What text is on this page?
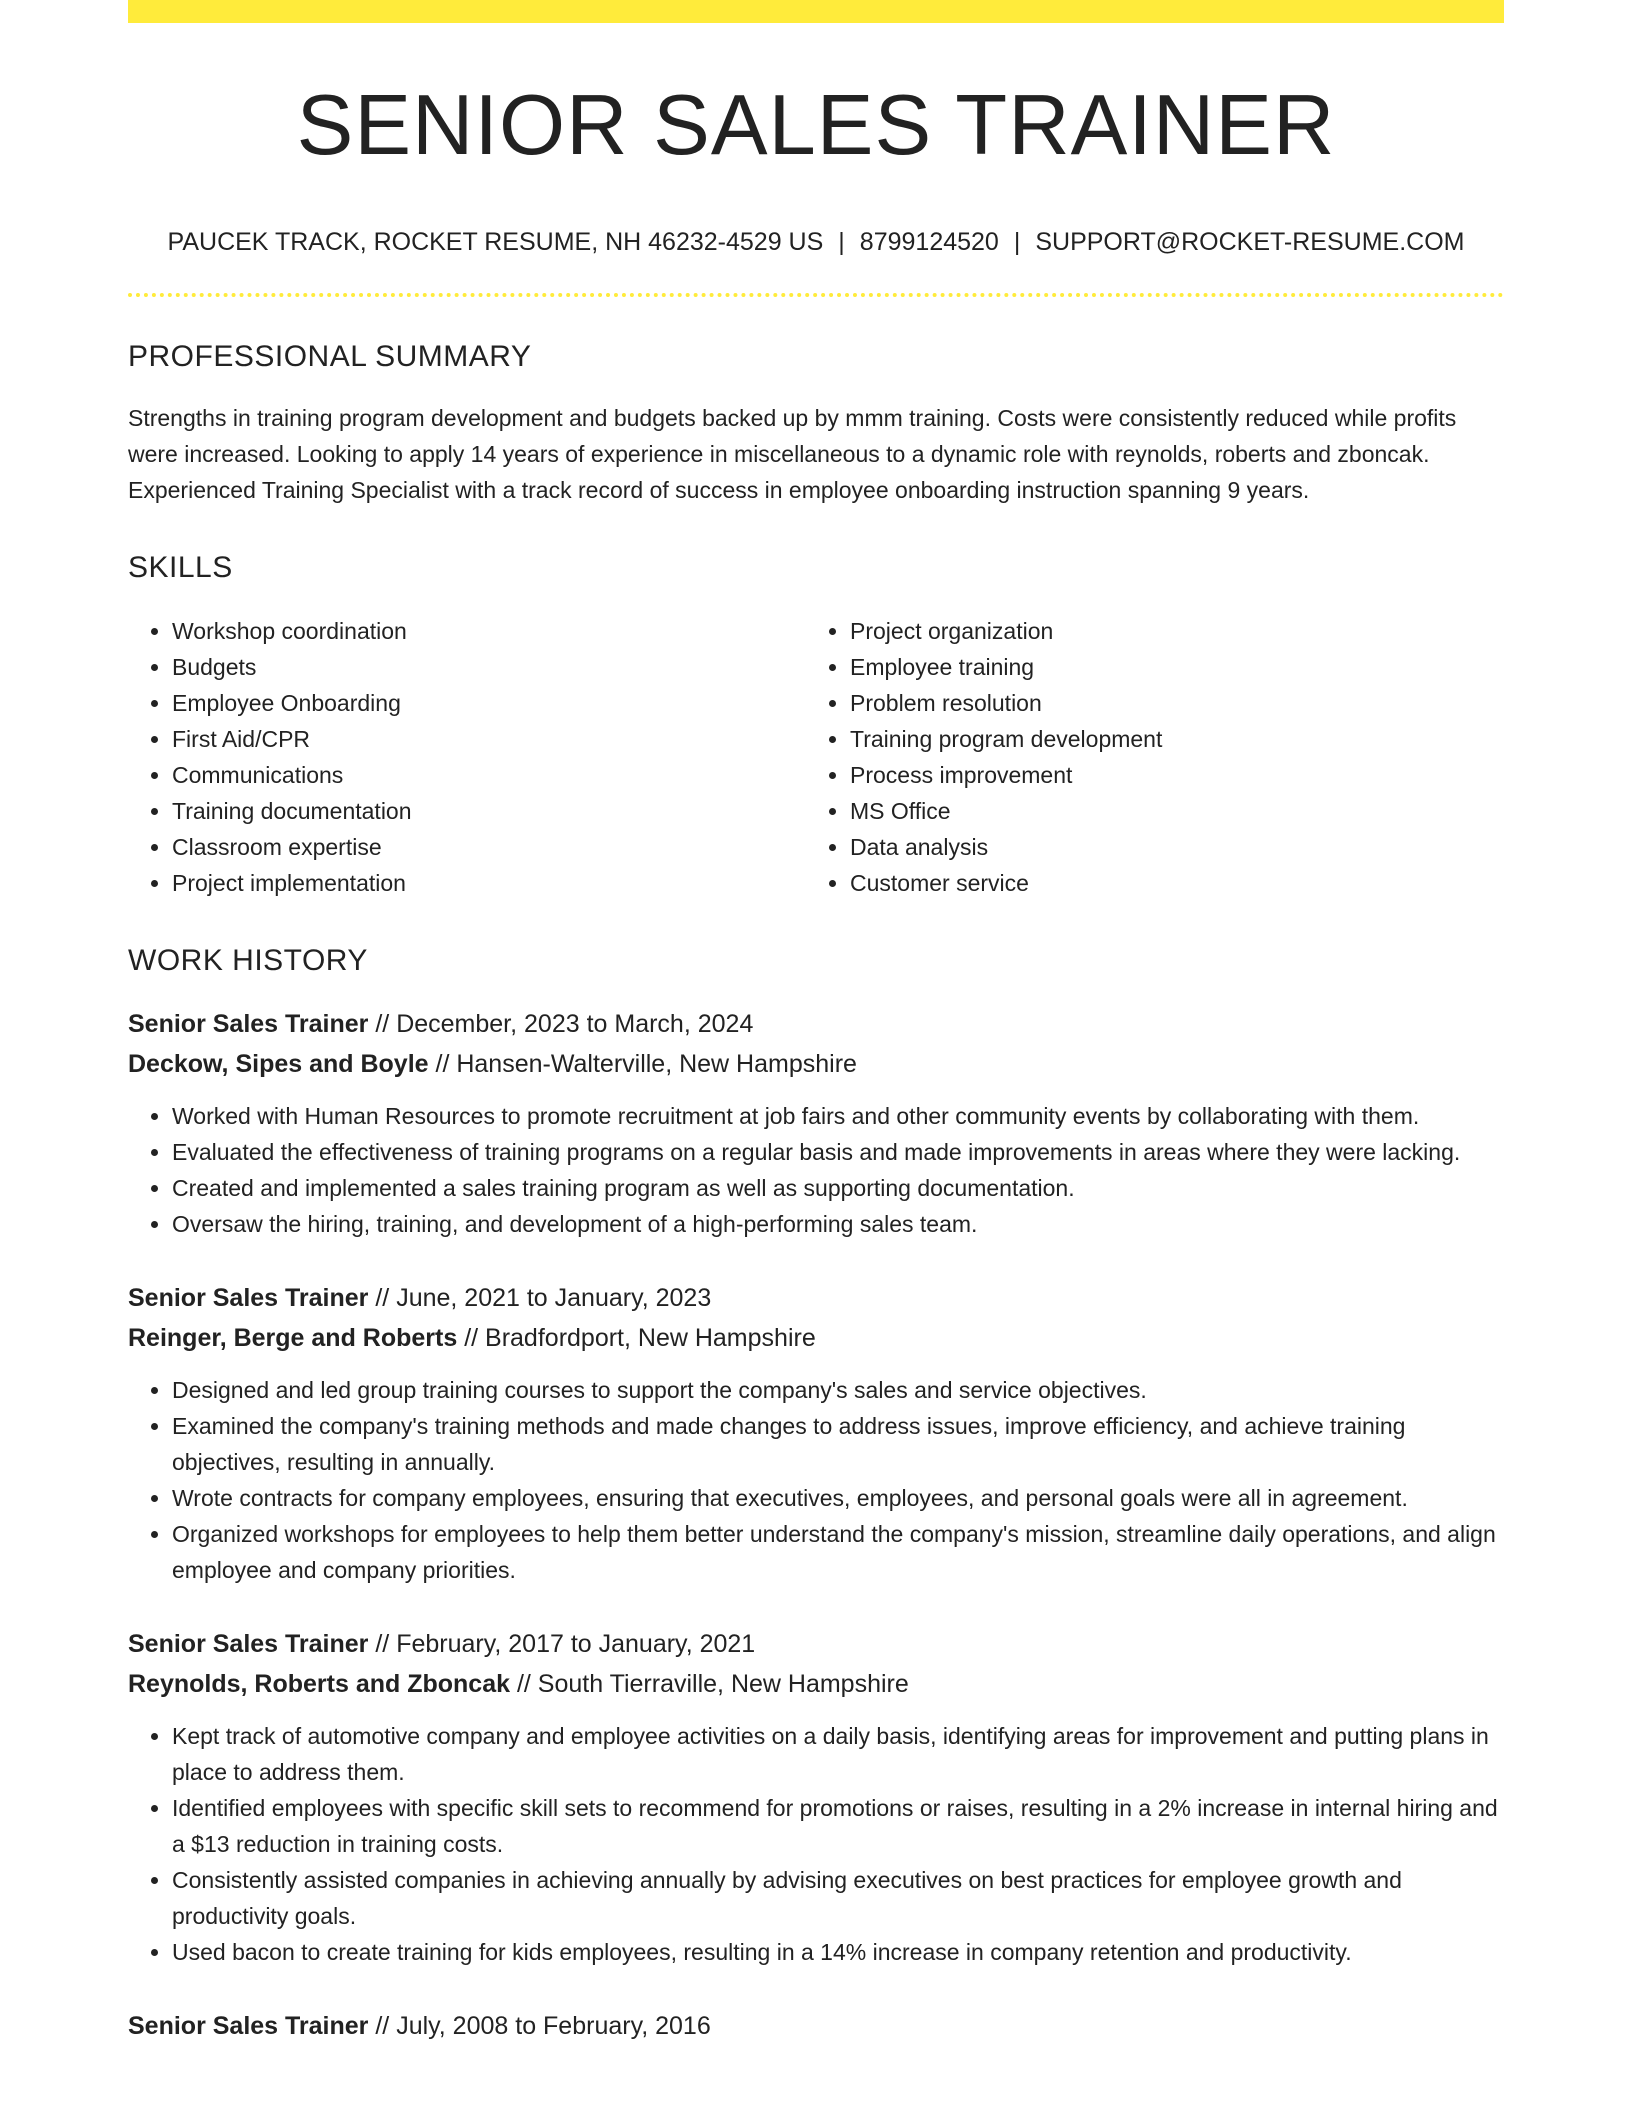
SENIOR SALES TRAINER
PAUCEK TRACK, ROCKET RESUME, NH 46232-4529 US | 8799124520 | SUPPORT@ROCKET-RESUME.COM
PROFESSIONAL SUMMARY

Strengths in training program development and budgets backed up by mmm training. Costs were consistently reduced while profits were increased. Looking to apply 14 years of experience in miscellaneous to a dynamic role with reynolds, roberts and zboncak. Experienced Training Specialist with a track record of success in employee onboarding instruction spanning 9 years.

SKILLS
• Workshop coordination
• Budgets
• Employee Onboarding
• First Aid/CPR
• Communications
• Training documentation
• Classroom expertise
• Project implementation
• Project organization
• Employee training
• Problem resolution
• Training program development
• Process improvement
• MS Office
• Data analysis
• Customer service
WORK HISTORY
Senior Sales Trainer // December, 2023 to March, 2024
Deckow, Sipes and Boyle // Hansen-Walterville, New Hampshire
• Worked with Human Resources to promote recruitment at job fairs and other community events by collaborating with them.
• Evaluated the effectiveness of training programs on a regular basis and made improvements in areas where they were lacking.
• Created and implemented a sales training program as well as supporting documentation.
• Oversaw the hiring, training, and development of a high-performing sales team.
Senior Sales Trainer // June, 2021 to January, 2023
Reinger, Berge and Roberts // Bradfordport, New Hampshire
• Designed and led group training courses to support the company's sales and service objectives.
• Examined the company's training methods and made changes to address issues, improve efficiency, and achieve training objectives, resulting in annually.
• Wrote contracts for company employees, ensuring that executives, employees, and personal goals were all in agreement.
• Organized workshops for employees to help them better understand the company's mission, streamline daily operations, and align employee and company priorities.
Senior Sales Trainer // February, 2017 to January, 2021
Reynolds, Roberts and Zboncak // South Tierraville, New Hampshire
• Kept track of automotive company and employee activities on a daily basis, identifying areas for improvement and putting plans in place to address them.
• Identified employees with specific skill sets to recommend for promotions or raises, resulting in a 2% increase in internal hiring and a $13 reduction in training costs.
• Consistently assisted companies in achieving annually by advising executives on best practices for employee growth and productivity goals.
• Used bacon to create training for kids employees, resulting in a 14% increase in company retention and productivity.
Senior Sales Trainer // July, 2008 to February, 2016
